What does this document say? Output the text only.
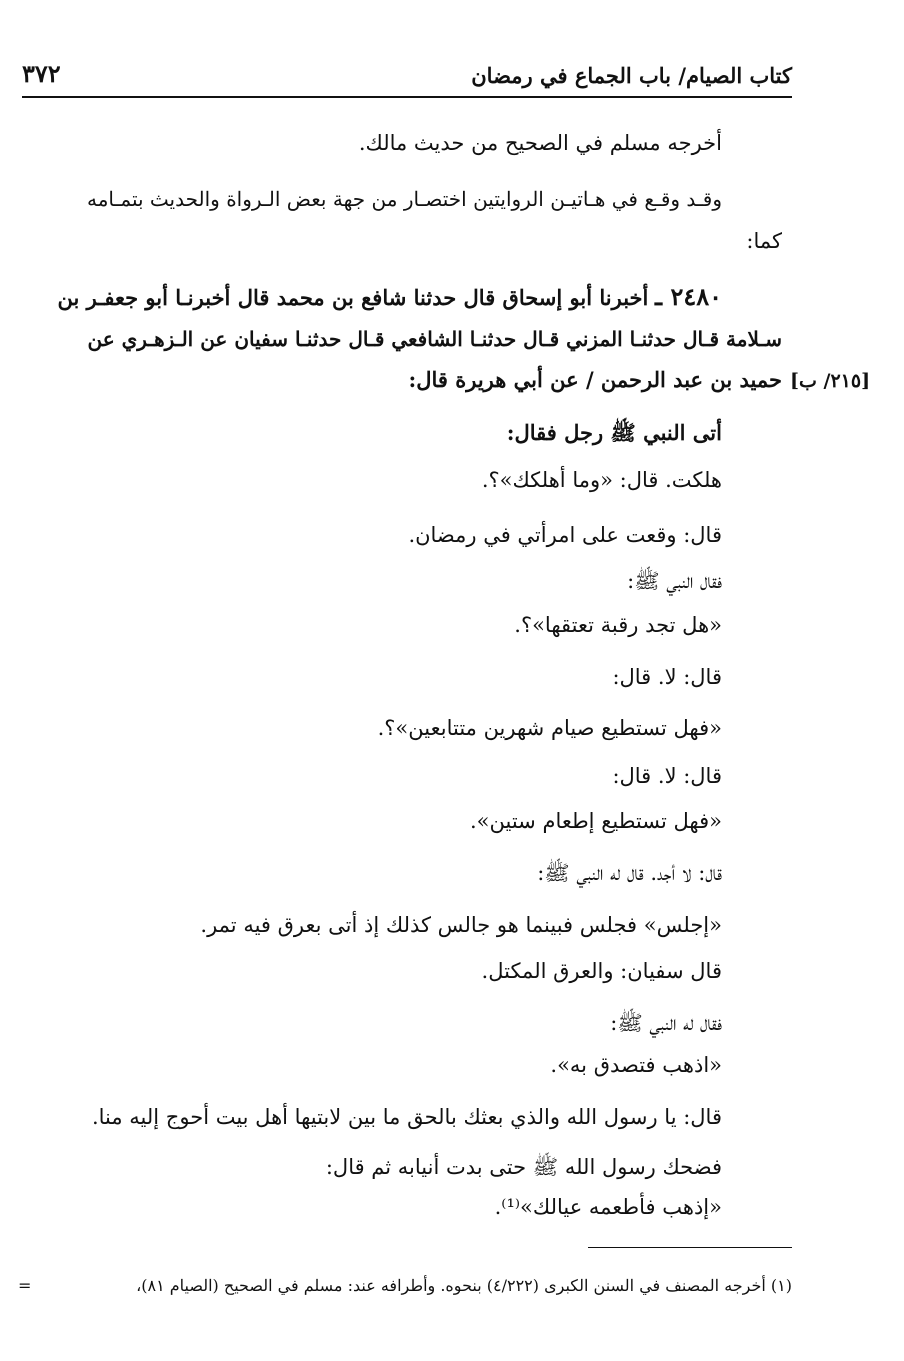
كتاب الصيام/ باب الجماع في رمضان
٣٧٢
أخرجه مسلم في الصحيح من حديث مالك.
وقـد وقـع في هـاتيـن الروايتين اختصـار من جهة بعض الـرواة والحديث بتمـامه
كما:
٢٤٨٠ ـ أخبرنا أبو إسحاق قال حدثنا شافع بن محمد قال أخبرنـا أبو جعفـر بن
سـلامة قـال حدثنـا المزني قـال حدثنـا الشافعي قـال حدثنـا سفيان عن الـزهـري عن
حميد بن عبد الرحمن / عن أبي هريرة قال: [٢١٥/ ب]
أتى النبي ﷺ رجل فقال:
هلكت. قال: «وما أهلكك»؟.
قال: وقعت على امرأتي في رمضان.
فقال النبي ﷺ:
«هل تجد رقبة تعتقها»؟.
قال: لا. قال:
«فهل تستطيع صيام شهرين متتابعين»؟.
قال: لا. قال:
«فهل تستطيع إطعام ستين».
قال: لا أجد. قال له النبي ﷺ:
«إجلس» فجلس فبينما هو جالس كذلك إذ أتى بعرق فيه تمر.
قال سفيان: والعرق المكتل.
فقال له النبي ﷺ:
«اذهب فتصدق به».
قال: يا رسول الله والذي بعثك بالحق ما بين لابتيها أهل بيت أحوج إليه منا.
فضحك رسول الله ﷺ حتى بدت أنيابه ثم قال:
«إذهب فأطعمه عيالك»⁽¹⁾.
(١) أخرجه المصنف في السنن الكبرى (٤/٢٢٢) بنحوه. وأطرافه عند: مسلم في الصحيح (الصيام ٨١)،
=
